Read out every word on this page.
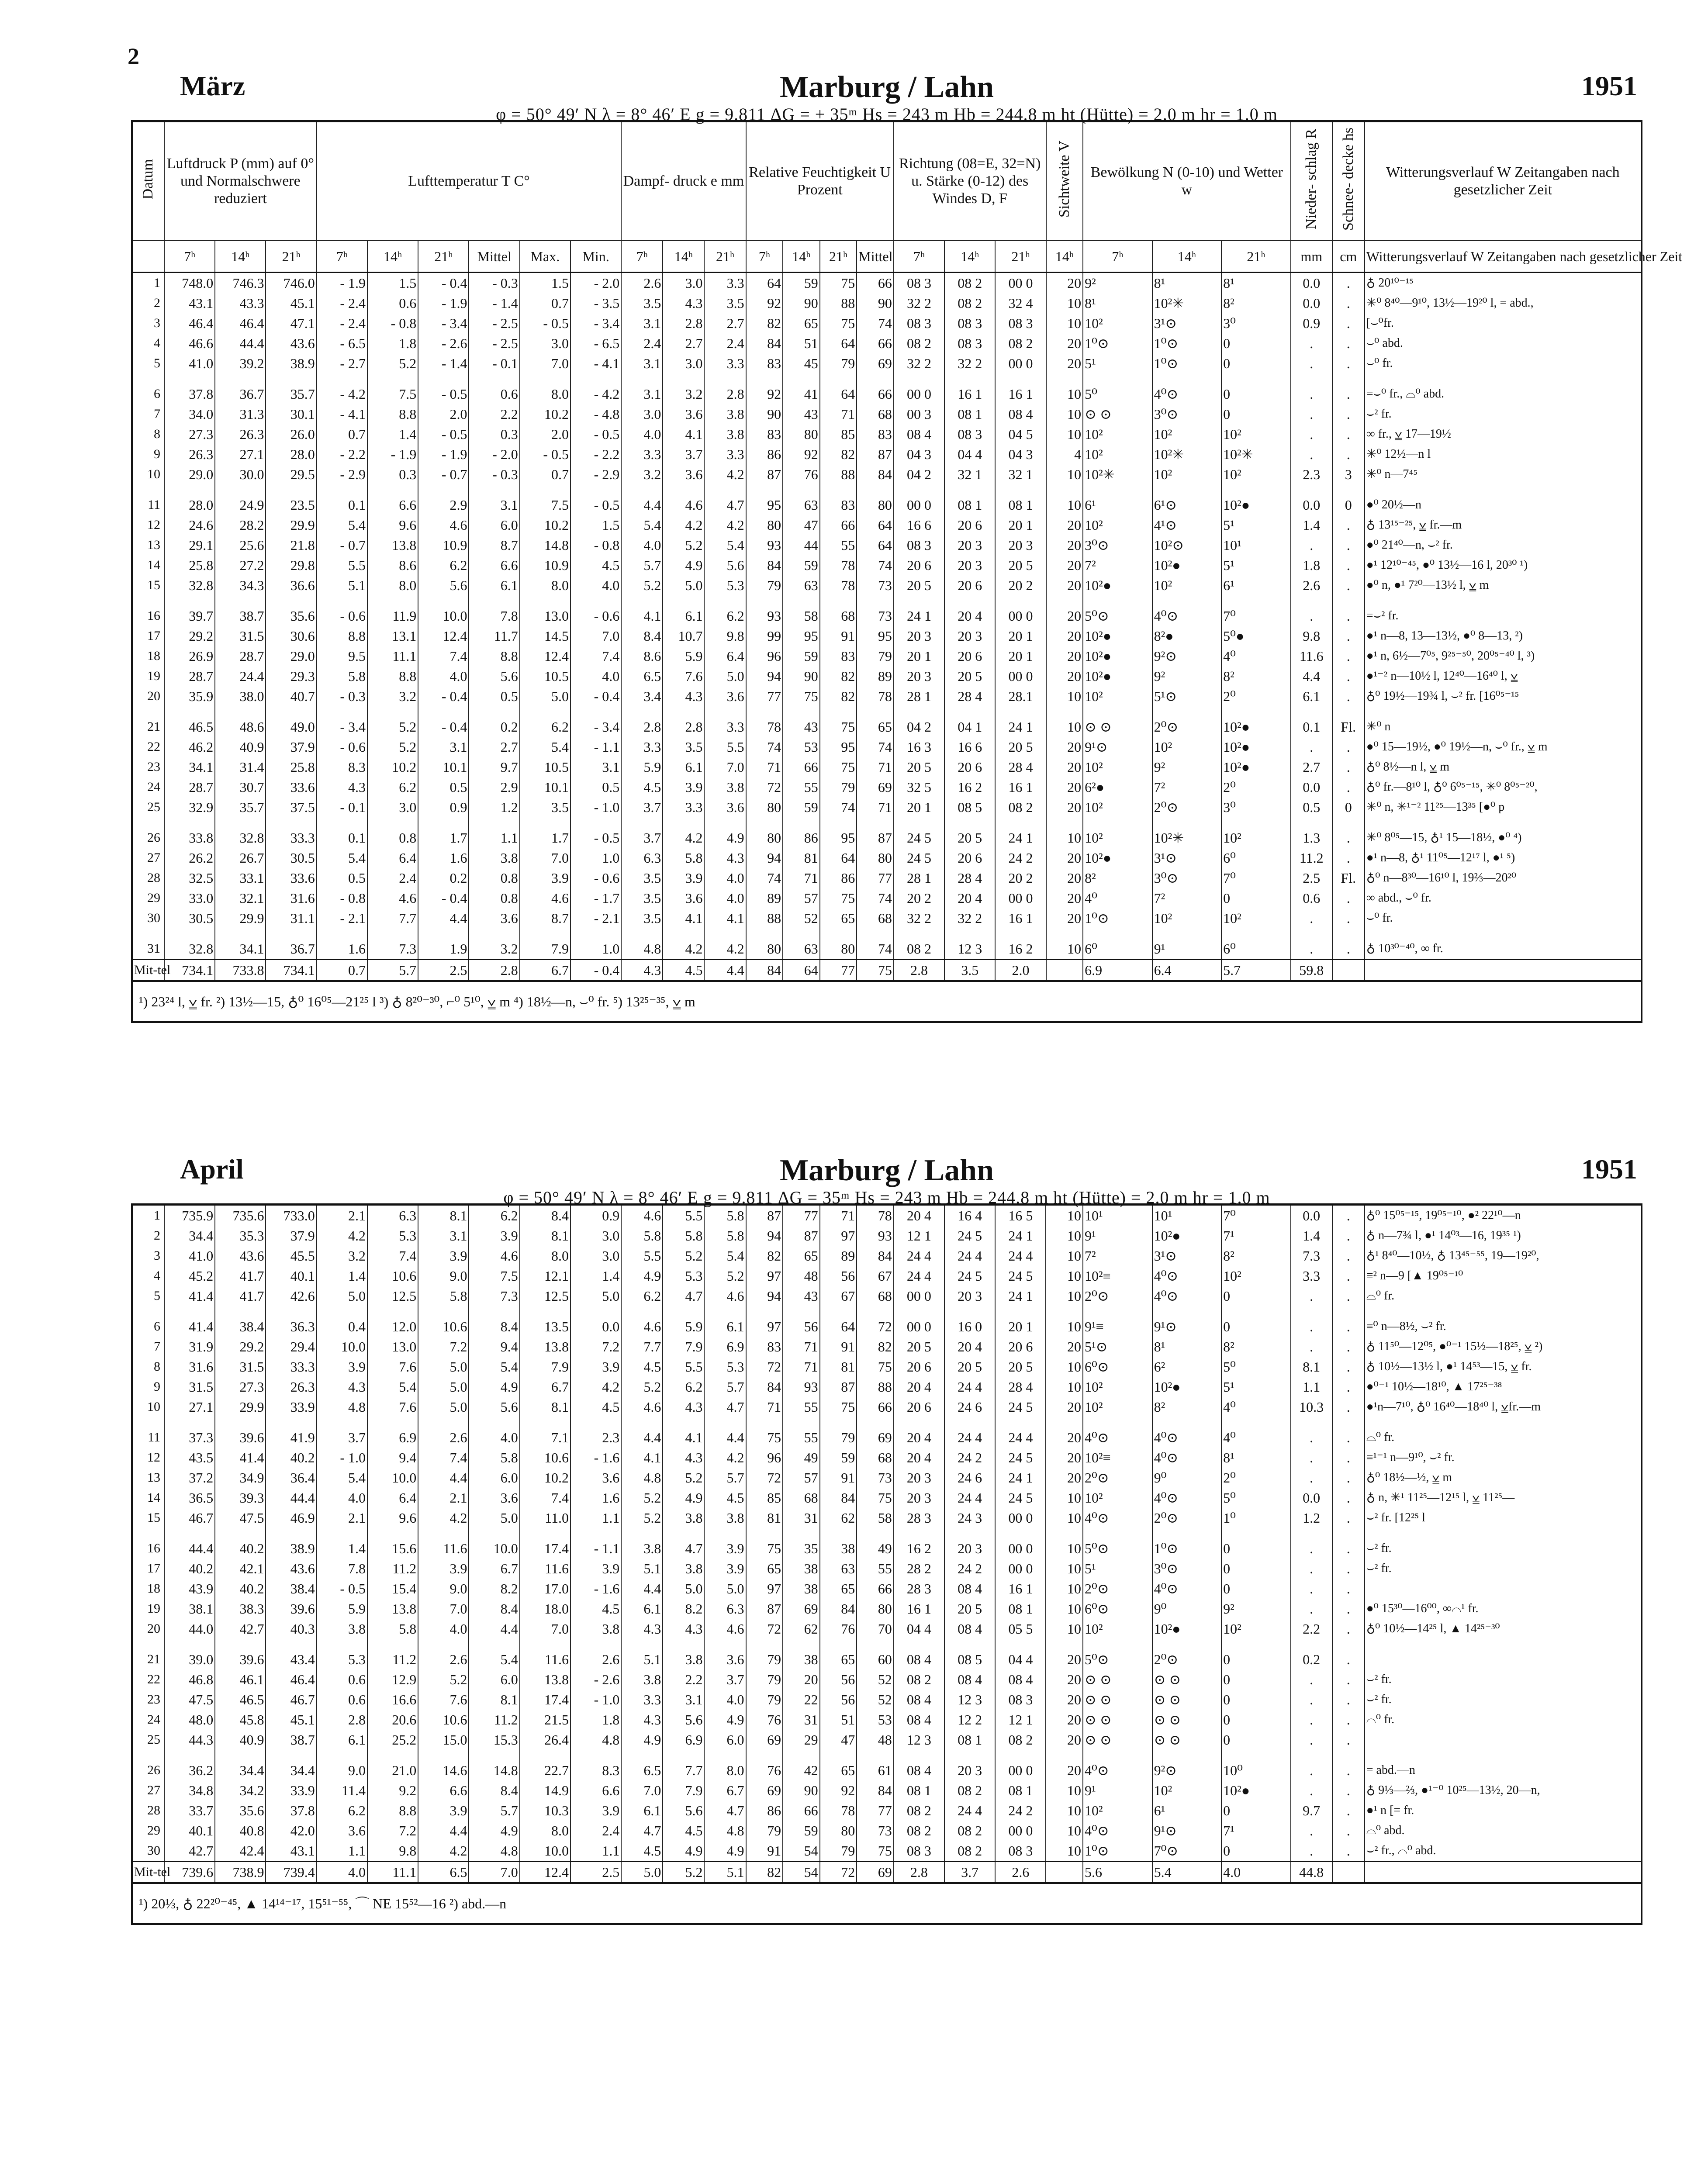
2
März	Marburg / Lahn	1951
φ = 50° 49′ N λ = 8° 46′ E g = 9.811 ΔG = + 35ᵐ Hs = 243 m Hb = 244.8 m ht (Hütte) = 2.0 m hr = 1.0 m
Datum	Luftdruck P (mm) auf 0° und Normalschwere reduziert			Lufttemperatur T C°						Dampf- druck e mm			Relative Feuchtigkeit U Prozent				Richtung (08=E, 32=N) u. Stärke (0-12) des Windes D, F			Sichtweite V	Bewölkung N (0-10) und Wetter w			Nieder- schlag R	Schnee- decke hs	Witterungsverlauf W Zeitangaben nach gesetzlicher Zeit
	7ʰ	14ʰ	21ʰ	7ʰ	14ʰ	21ʰ	Mittel	Max.	Min.	7ʰ	14ʰ	21ʰ	7ʰ	14ʰ	21ʰ	Mittel	7ʰ	14ʰ	21ʰ	14ʰ	7ʰ	14ʰ	21ʰ	mm	cm	Witterungsverlauf W Zeitangaben nach gesetzlicher Zeit
1	748.0	746.3	746.0	- 1.9	1.5	- 0.4	- 0.3	1.5	- 2.0	2.6	3.0	3.3	64	59	75	66	08 3	08 2	00 0	20	9²	8¹	8¹	0.0	.	♁ 20¹⁰⁻¹⁵
2	43.1	43.3	45.1	- 2.4	0.6	- 1.9	- 1.4	0.7	- 3.5	3.5	4.3	3.5	92	90	88	90	32 2	08 2	32 4	10	8¹	10²✳	8²	0.0	.	✳⁰ 8⁴⁰—9¹⁰, 13½—19²⁰ l, = abd.,
3	46.4	46.4	47.1	- 2.4	- 0.8	- 3.4	- 2.5	- 0.5	- 3.4	3.1	2.8	2.7	82	65	75	74	08 3	08 3	08 3	10	10²	3¹⊙	3⁰	0.9	.	[⌣⁰fr.
4	46.6	44.4	43.6	- 6.5	1.8	- 2.6	- 2.5	3.0	- 6.5	2.4	2.7	2.4	84	51	64	66	08 2	08 3	08 2	20	1⁰⊙	1⁰⊙	0	.	.	⌣⁰ abd.
5	41.0	39.2	38.9	- 2.7	5.2	- 1.4	- 0.1	7.0	- 4.1	3.1	3.0	3.3	83	45	79	69	32 2	32 2	00 0	20	5¹	1⁰⊙	0	.	.	⌣⁰ fr.
6	37.8	36.7	35.7	- 4.2	7.5	- 0.5	0.6	8.0	- 4.2	3.1	3.2	2.8	92	41	64	66	00 0	16 1	16 1	10	5⁰	4⁰⊙	0	.	.	=⌣⁰ fr., ⌓⁰ abd.
7	34.0	31.3	30.1	- 4.1	8.8	2.0	2.2	10.2	- 4.8	3.0	3.6	3.8	90	43	71	68	00 3	08 1	08 4	10	⊙ ⊙	3⁰⊙	0	.	.	⌣² fr.
8	27.3	26.3	26.0	0.7	1.4	- 0.5	0.3	2.0	- 0.5	4.0	4.1	3.8	83	80	85	83	08 4	08 3	04 5	10	10²	10²	10²	.	.	∞ fr., ⩣ 17—19½
9	26.3	27.1	28.0	- 2.2	- 1.9	- 1.9	- 2.0	- 0.5	- 2.2	3.3	3.7	3.3	86	92	82	87	04 3	04 4	04 3	4	10²	10²✳	10²✳	.	.	✳⁰ 12½—n l
10	29.0	30.0	29.5	- 2.9	0.3	- 0.7	- 0.3	0.7	- 2.9	3.2	3.6	4.2	87	76	88	84	04 2	32 1	32 1	10	10²✳	10²	10²	2.3	3	✳⁰ n—7⁴⁵
11	28.0	24.9	23.5	0.1	6.6	2.9	3.1	7.5	- 0.5	4.4	4.6	4.7	95	63	83	80	00 0	08 1	08 1	10	6¹	6¹⊙	10²●	0.0	0	●⁰ 20½—n
12	24.6	28.2	29.9	5.4	9.6	4.6	6.0	10.2	1.5	5.4	4.2	4.2	80	47	66	64	16 6	20 6	20 1	20	10²	4¹⊙	5¹	1.4	.	♁ 13¹⁵⁻²⁵, ⩣ fr.—m
13	29.1	25.6	21.8	- 0.7	13.8	10.9	8.7	14.8	- 0.8	4.0	5.2	5.4	93	44	55	64	08 3	20 3	20 3	20	3⁰⊙	10²⊙	10¹	.	.	●⁰ 21⁴⁰—n, ⌣² fr.
14	25.8	27.2	29.8	5.5	8.6	6.2	6.6	10.9	4.5	5.7	4.9	5.6	84	59	78	74	20 6	20 3	20 5	20	7²	10²●	5¹	1.8	.	●¹ 12¹⁰⁻⁴⁵, ●⁰ 13½—16 l, 20³⁰ ¹)
15	32.8	34.3	36.6	5.1	8.0	5.6	6.1	8.0	4.0	5.2	5.0	5.3	79	63	78	73	20 5	20 6	20 2	20	10²●	10²	6¹	2.6	.	●⁰ n, ●¹ 7²⁰—13½ l, ⩣ m
16	39.7	38.7	35.6	- 0.6	11.9	10.0	7.8	13.0	- 0.6	4.1	6.1	6.2	93	58	68	73	24 1	20 4	00 0	20	5⁰⊙	4⁰⊙	7⁰	.	.	=⌣² fr.
17	29.2	31.5	30.6	8.8	13.1	12.4	11.7	14.5	7.0	8.4	10.7	9.8	99	95	91	95	20 3	20 3	20 1	20	10²●	8²●	5⁰●	9.8	.	●¹ n—8, 13—13½, ●⁰ 8—13, ²)
18	26.9	28.7	29.0	9.5	11.1	7.4	8.8	12.4	7.4	8.6	5.9	6.4	96	59	83	79	20 1	20 6	20 1	20	10²●	9²⊙	4⁰	11.6	.	●¹ n, 6½—7⁰⁵, 9²⁵⁻⁵⁰, 20⁰⁵⁻⁴⁰ l, ³)
19	28.7	24.4	29.3	5.8	8.8	4.0	5.6	10.5	4.0	6.5	7.6	5.0	94	90	82	89	20 3	20 5	00 0	20	10²●	9²	8²	4.4	.	●¹⁻² n—10½ l, 12⁴⁰—16⁴⁰ l, ⩣
20	35.9	38.0	40.7	- 0.3	3.2	- 0.4	0.5	5.0	- 0.4	3.4	4.3	3.6	77	75	82	78	28 1	28 4	28.1	10	10²	5¹⊙	2⁰	6.1	.	♁⁰ 19½—19¾ l, ⌣² fr. [16⁰⁵⁻¹⁵
21	46.5	48.6	49.0	- 3.4	5.2	- 0.4	0.2	6.2	- 3.4	2.8	2.8	3.3	78	43	75	65	04 2	04 1	24 1	10	⊙ ⊙	2⁰⊙	10²●	0.1	Fl.	✳⁰ n
22	46.2	40.9	37.9	- 0.6	5.2	3.1	2.7	5.4	- 1.1	3.3	3.5	5.5	74	53	95	74	16 3	16 6	20 5	20	9¹⊙	10²	10²●	.	.	●⁰ 15—19½, ●⁰ 19½—n, ⌣⁰ fr., ⩣ m
23	34.1	31.4	25.8	8.3	10.2	10.1	9.7	10.5	3.1	5.9	6.1	7.0	71	66	75	71	20 5	20 6	28 4	20	10²	9²	10²●	2.7	.	♁⁰ 8½—n l, ⩣ m
24	28.7	30.7	33.6	4.3	6.2	0.5	2.9	10.1	0.5	4.5	3.9	3.8	72	55	79	69	32 5	16 2	16 1	20	6²●	7²	2⁰	0.0	.	♁⁰ fr.—8¹⁰ l, ♁⁰ 6⁰⁵⁻¹⁵, ✳⁰ 8⁰⁵⁻²⁰,
25	32.9	35.7	37.5	- 0.1	3.0	0.9	1.2	3.5	- 1.0	3.7	3.3	3.6	80	59	74	71	20 1	08 5	08 2	20	10²	2⁰⊙	3⁰	0.5	0	✳⁰ n, ✳¹⁻² 11²⁵—13³⁵ [●⁰ p
26	33.8	32.8	33.3	0.1	0.8	1.7	1.1	1.7	- 0.5	3.7	4.2	4.9	80	86	95	87	24 5	20 5	24 1	10	10²	10²✳	10²	1.3	.	✳⁰ 8⁰⁵—15, ♁¹ 15—18½, ●⁰ ⁴)
27	26.2	26.7	30.5	5.4	6.4	1.6	3.8	7.0	1.0	6.3	5.8	4.3	94	81	64	80	24 5	20 6	24 2	20	10²●	3¹⊙	6⁰	11.2	.	●¹ n—8, ♁¹ 11⁰⁵—12¹⁷ l, ●¹ ⁵)
28	32.5	33.1	33.6	0.5	2.4	0.2	0.8	3.9	- 0.6	3.5	3.9	4.0	74	71	86	77	28 1	28 4	20 2	20	8²	3⁰⊙	7⁰	2.5	Fl.	♁⁰ n—8³⁰—16¹⁰ l, 19⅔—20²⁰
29	33.0	32.1	31.6	- 0.8	4.6	- 0.4	0.8	4.6	- 1.7	3.5	3.6	4.0	89	57	75	74	20 2	20 4	00 0	20	4⁰	7²	0	0.6	.	∞ abd., ⌣⁰ fr.
30	30.5	29.9	31.1	- 2.1	7.7	4.4	3.6	8.7	- 2.1	3.5	4.1	4.1	88	52	65	68	32 2	32 2	16 1	20	1⁰⊙	10²	10²	.	.	⌣⁰ fr.
31	32.8	34.1	36.7	1.6	7.3	1.9	3.2	7.9	1.0	4.8	4.2	4.2	80	63	80	74	08 2	12 3	16 2	10	6⁰	9¹	6⁰	.	.	♁ 10³⁰⁻⁴⁰, ∞ fr.
Mit-tel	734.1	733.8	734.1	0.7	5.7	2.5	2.8	6.7	- 0.4	4.3	4.5	4.4	84	64	77	75	2.8	3.5	2.0		6.9	6.4	5.7	59.8		
¹) 23²⁴ l, ⩣ fr. ²) 13½—15, ♁⁰ 16⁰⁵—21²⁵ l ³) ♁ 8²⁰⁻³⁰, ⌐⁰ 5¹⁰, ⩣ m ⁴) 18½—n, ⌣⁰ fr. ⁵) 13²⁵⁻³⁵, ⩣ m																										
April	Marburg / Lahn	1951
φ = 50° 49′ N λ = 8° 46′ E g = 9.811 ΔG = 35ᵐ Hs = 243 m Hb = 244.8 m ht (Hütte) = 2.0 m hr = 1.0 m
1	735.9	735.6	733.0	2.1	6.3	8.1	6.2	8.4	0.9	4.6	5.5	5.8	87	77	71	78	20 4	16 4	16 5	10	10¹	10¹	7⁰	0.0	.	♁⁰ 15⁰⁵⁻¹⁵, 19⁰⁵⁻¹⁰, ●² 22¹⁰—n
2	34.4	35.3	37.9	4.2	5.3	3.1	3.9	8.1	3.0	5.8	5.8	5.8	94	87	97	93	12 1	24 5	24 1	10	9¹	10²●	7¹	1.4	.	♁ n—7¾ l, ●¹ 14⁰³—16, 19³⁵ ¹)
3	41.0	43.6	45.5	3.2	7.4	3.9	4.6	8.0	3.0	5.5	5.2	5.4	82	65	89	84	24 4	24 4	24 4	10	7²	3¹⊙	8²	7.3	.	♁¹ 8⁴⁰—10½, ♁ 13⁴⁵⁻⁵⁵, 19—19²⁰,
4	45.2	41.7	40.1	1.4	10.6	9.0	7.5	12.1	1.4	4.9	5.3	5.2	97	48	56	67	24 4	24 5	24 5	10	10²≡	4⁰⊙	10²	3.3	.	≡² n—9 [▲ 19⁰⁵⁻¹⁰
5	41.4	41.7	42.6	5.0	12.5	5.8	7.3	12.5	5.0	6.2	4.7	4.6	94	43	67	68	00 0	20 3	24 1	10	2⁰⊙	4⁰⊙	0	.	.	⌓⁰ fr.
6	41.4	38.4	36.3	0.4	12.0	10.6	8.4	13.5	0.0	4.6	5.9	6.1	97	56	64	72	00 0	16 0	20 1	10	9¹≡	9¹⊙	0	.	.	≡⁰ n—8½, ⌣² fr.
7	31.9	29.2	29.4	10.0	13.0	7.2	9.4	13.8	7.2	7.7	7.9	6.9	83	71	91	82	20 5	20 4	20 6	20	5¹⊙	8¹	8²	.	.	♁ 11⁵⁰—12⁰⁵, ●⁰⁻¹ 15½—18²⁵, ⩣ ²)
8	31.6	31.5	33.3	3.9	7.6	5.0	5.4	7.9	3.9	4.5	5.5	5.3	72	71	81	75	20 6	20 5	20 5	10	6⁰⊙	6²	5⁰	8.1	.	♁ 10½—13½ l, ●¹ 14⁵³—15, ⩣ fr.
9	31.5	27.3	26.3	4.3	5.4	5.0	4.9	6.7	4.2	5.2	6.2	5.7	84	93	87	88	20 4	24 4	28 4	10	10²	10²●	5¹	1.1	.	●⁰⁻¹ 10½—18¹⁰, ▲ 17²⁵⁻³⁸
10	27.1	29.9	33.9	4.8	7.6	5.0	5.6	8.1	4.5	4.6	4.3	4.7	71	55	75	66	20 6	24 6	24 5	20	10²	8²	4⁰	10.3	.	●¹n—7¹⁰, ♁⁰ 16⁴⁰—18⁴⁰ l, ⩣fr.—m
11	37.3	39.6	41.9	3.7	6.9	2.6	4.0	7.1	2.3	4.4	4.1	4.4	75	55	79	69	20 4	24 4	24 4	20	4⁰⊙	4⁰⊙	4⁰	.	.	⌓⁰ fr.
12	43.5	41.4	40.2	- 1.0	9.4	7.4	5.8	10.6	- 1.6	4.1	4.3	4.2	96	49	59	68	20 4	24 2	24 5	20	10²≡	4⁰⊙	8¹	.	.	≡¹⁻¹ n—9¹⁰, ⌣² fr.
13	37.2	34.9	36.4	5.4	10.0	4.4	6.0	10.2	3.6	4.8	5.2	5.7	72	57	91	73	20 3	24 6	24 1	20	2⁰⊙	9⁰	2⁰	.	.	♁⁰ 18½—½, ⩣ m
14	36.5	39.3	44.4	4.0	6.4	2.1	3.6	7.4	1.6	5.2	4.9	4.5	85	68	84	75	20 3	24 4	24 5	10	10²	4⁰⊙	5⁰	0.0	.	♁ n, ✳¹ 11²⁵—12¹⁵ l, ⩣ 11²⁵—
15	46.7	47.5	46.9	2.1	9.6	4.2	5.0	11.0	1.1	5.2	3.8	3.8	81	31	62	58	28 3	24 3	00 0	10	4⁰⊙	2⁰⊙	1⁰	1.2	.	⌣² fr. [12²⁵ l
16	44.4	40.2	38.9	1.4	15.6	11.6	10.0	17.4	- 1.1	3.8	4.7	3.9	75	35	38	49	16 2	20 3	00 0	10	5⁰⊙	1⁰⊙	0	.	.	⌣² fr.
17	40.2	42.1	43.6	7.8	11.2	3.9	6.7	11.6	3.9	5.1	3.8	3.9	65	38	63	55	28 2	24 2	00 0	10	5¹	3⁰⊙	0	.	.	⌣² fr.
18	43.9	40.2	38.4	- 0.5	15.4	9.0	8.2	17.0	- 1.6	4.4	5.0	5.0	97	38	65	66	28 3	08 4	16 1	10	2⁰⊙	4⁰⊙	0	.	.	
19	38.1	38.3	39.6	5.9	13.8	7.0	8.4	18.0	4.5	6.1	8.2	6.3	87	69	84	80	16 1	20 5	08 1	10	6⁰⊙	9⁰	9²	.	.	●⁰ 15³⁰—16⁰⁰, ∞⌓¹ fr.
20	44.0	42.7	40.3	3.8	5.8	4.0	4.4	7.0	3.8	4.3	4.3	4.6	72	62	76	70	04 4	08 4	05 5	10	10²	10²●	10²	2.2	.	♁⁰ 10½—14²⁵ l, ▲ 14²⁵⁻³⁰
21	39.0	39.6	43.4	5.3	11.2	2.6	5.4	11.6	2.6	5.1	3.8	3.6	79	38	65	60	08 4	08 5	04 4	20	5⁰⊙	2⁰⊙	0	0.2	.	
22	46.8	46.1	46.4	0.6	12.9	5.2	6.0	13.8	- 2.6	3.8	2.2	3.7	79	20	56	52	08 2	08 4	08 4	20	⊙ ⊙	⊙ ⊙	0	.	.	⌣² fr.
23	47.5	46.5	46.7	0.6	16.6	7.6	8.1	17.4	- 1.0	3.3	3.1	4.0	79	22	56	52	08 4	12 3	08 3	20	⊙ ⊙	⊙ ⊙	0	.	.	⌣² fr.
24	48.0	45.8	45.1	2.8	20.6	10.6	11.2	21.5	1.8	4.3	5.6	4.9	76	31	51	53	08 4	12 2	12 1	20	⊙ ⊙	⊙ ⊙	0	.	.	⌓⁰ fr.
25	44.3	40.9	38.7	6.1	25.2	15.0	15.3	26.4	4.8	4.9	6.9	6.0	69	29	47	48	12 3	08 1	08 2	20	⊙ ⊙	⊙ ⊙	0	.	.	
26	36.2	34.4	34.4	9.0	21.0	14.6	14.8	22.7	8.3	6.5	7.7	8.0	76	42	65	61	08 4	20 3	00 0	20	4⁰⊙	9²⊙	10⁰	.	.	= abd.—n
27	34.8	34.2	33.9	11.4	9.2	6.6	8.4	14.9	6.6	7.0	7.9	6.7	69	90	92	84	08 1	08 2	08 1	10	9¹	10²	10²●	.	.	♁ 9⅓—⅔, ●¹⁻⁰ 10²⁵—13½, 20—n,
28	33.7	35.6	37.8	6.2	8.8	3.9	5.7	10.3	3.9	6.1	5.6	4.7	86	66	78	77	08 2	24 4	24 2	10	10²	6¹	0	9.7	.	●¹ n [= fr.
29	40.1	40.8	42.0	3.6	7.2	4.4	4.9	8.0	2.4	4.7	4.5	4.8	79	59	80	73	08 2	08 2	00 0	10	4⁰⊙	9¹⊙	7¹	.	.	⌓⁰ abd.
30	42.7	42.4	43.1	1.1	9.8	4.2	4.8	10.0	1.1	4.5	4.9	4.9	91	54	79	75	08 3	08 2	08 3	10	1⁰⊙	7⁰⊙	0	.	.	⌣² fr., ⌓⁰ abd.
Mit-tel	739.6	738.9	739.4	4.0	11.1	6.5	7.0	12.4	2.5	5.0	5.2	5.1	82	54	72	69	2.8	3.7	2.6		5.6	5.4	4.0	44.8		
¹) 20⅓, ♁ 22²⁰⁻⁴⁵, ▲ 14¹⁴⁻¹⁷, 15⁵¹⁻⁵⁵, ⌒ NE 15⁵²—16 ²) abd.—n																										
